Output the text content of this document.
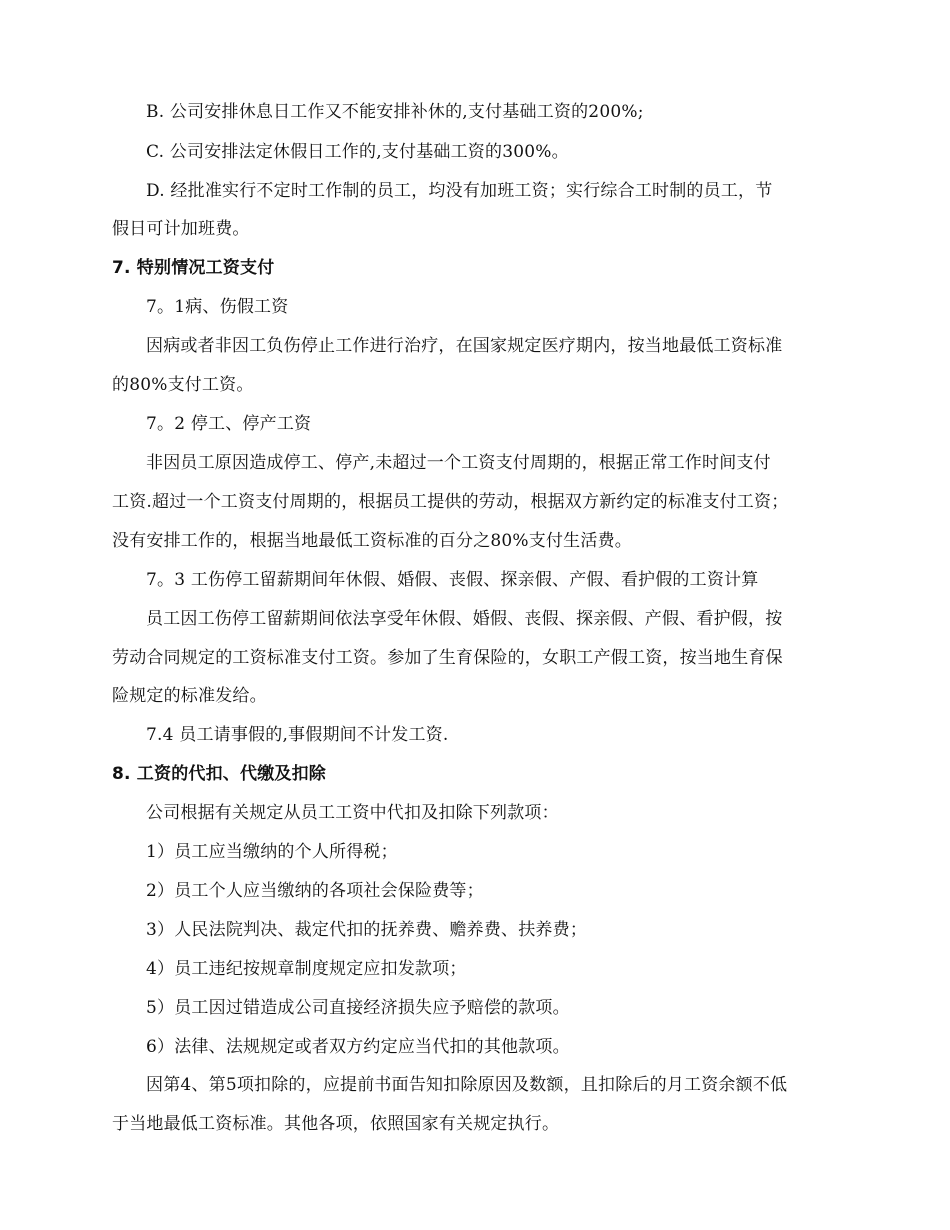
B. 公司安排休息日工作又不能安排补休的,支付基础工资的200%;
C. 公司安排法定休假日工作的,支付基础工资的300%。
D. 经批准实行不定时工作制的员工，均没有加班工资；实行综合工时制的员工，节
假日可计加班费。
7. 特别情况工资支付
7。1病、伤假工资
因病或者非因工负伤停止工作进行治疗，在国家规定医疗期内，按当地最低工资标准
的80%支付工资。
7。2 停工、停产工资
非因员工原因造成停工、停产,未超过一个工资支付周期的，根据正常工作时间支付
工资.超过一个工资支付周期的，根据员工提供的劳动，根据双方新约定的标准支付工资；
没有安排工作的，根据当地最低工资标准的百分之80%支付生活费。
7。3 工伤停工留薪期间年休假、婚假、丧假、探亲假、产假、看护假的工资计算
员工因工伤停工留薪期间依法享受年休假、婚假、丧假、探亲假、产假、看护假，按
劳动合同规定的工资标准支付工资。参加了生育保险的，女职工产假工资，按当地生育保
险规定的标准发给。
7.4 员工请事假的,事假期间不计发工资.
8. 工资的代扣、代缴及扣除
公司根据有关规定从员工工资中代扣及扣除下列款项：
1）员工应当缴纳的个人所得税；
2）员工个人应当缴纳的各项社会保险费等；
3）人民法院判决、裁定代扣的抚养费、赡养费、扶养费；
4）员工违纪按规章制度规定应扣发款项；
5）员工因过错造成公司直接经济损失应予赔偿的款项。
6）法律、法规规定或者双方约定应当代扣的其他款项。
因第4、第5项扣除的，应提前书面告知扣除原因及数额，且扣除后的月工资余额不低
于当地最低工资标准。其他各项，依照国家有关规定执行。
